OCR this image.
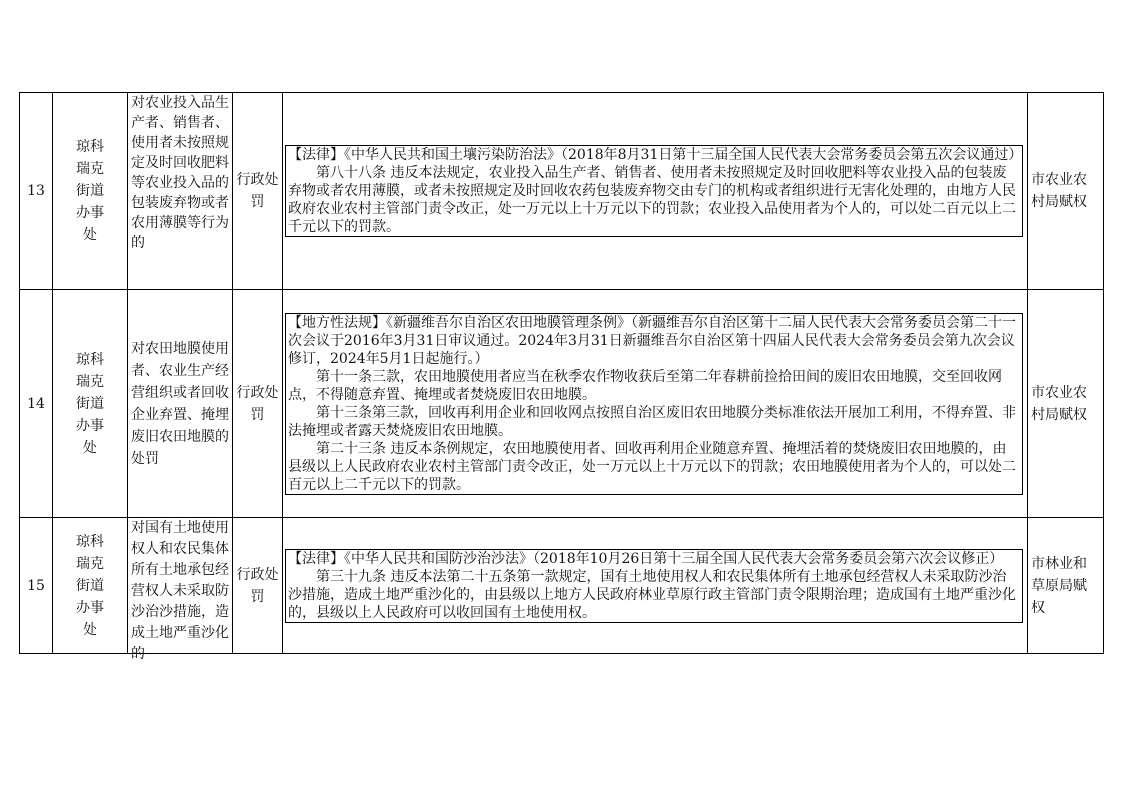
13	琼科瑞克街道办事处	对农业投入品生产者、销售者、使用者未按照规定及时回收肥料等农业投入品的包装废弃物或者农用薄膜等行为的	行政处罚	【法律】《中华人民共和国土壤污染防治法》（2018年8月31日第十三届全国人民代表大会常务委员会第五次会议通过）

第八十八条 违反本法规定，农业投入品生产者、销售者、使用者未按照规定及时回收肥料等农业投入品的包装废弃物或者农用薄膜，或者未按照规定及时回收农药包装废弃物交由专门的机构或者组织进行无害化处理的，由地方人民政府农业农村主管部门责令改正，处一万元以上十万元以下的罚款；农业投入品使用者为个人的，可以处二百元以上二千元以下的罚款。	市农业农村局赋权
14	琼科瑞克街道办事处	对农田地膜使用者、农业生产经营组织或者回收企业弃置、掩埋废旧农田地膜的处罚	行政处罚	【地方性法规】《新疆维吾尔自治区农田地膜管理条例》（新疆维吾尔自治区第十二届人民代表大会常务委员会第二十一次会议于2016年3月31日审议通过。2024年3月31日新疆维吾尔自治区第十四届人民代表大会常务委员会第九次会议修订，2024年5月1日起施行。）

第十一条三款，农田地膜使用者应当在秋季农作物收获后至第二年春耕前捡拾田间的废旧农田地膜，交至回收网点，不得随意弃置、掩埋或者焚烧废旧农田地膜。

第十三条第三款，回收再利用企业和回收网点按照自治区废旧农田地膜分类标准依法开展加工利用，不得弃置、非法掩埋或者露天焚烧废旧农田地膜。

第二十三条 违反本条例规定，农田地膜使用者、回收再利用企业随意弃置、掩埋活着的焚烧废旧农田地膜的，由县级以上人民政府农业农村主管部门责令改正，处一万元以上十万元以下的罚款；农田地膜使用者为个人的，可以处二百元以上二千元以下的罚款。	市农业农村局赋权
15	琼科瑞克街道办事处	对国有土地使用权人和农民集体所有土地承包经营权人未采取防沙治沙措施，造成土地严重沙化的	行政处罚	【法律】《中华人民共和国防沙治沙法》（2018年10月26日第十三届全国人民代表大会常务委员会第六次会议修正）

第三十九条 违反本法第二十五条第一款规定，国有土地使用权人和农民集体所有土地承包经营权人未采取防沙治沙措施，造成土地严重沙化的，由县级以上地方人民政府林业草原行政主管部门责令限期治理；造成国有土地严重沙化的，县级以上人民政府可以收回国有土地使用权。	市林业和草原局赋权
